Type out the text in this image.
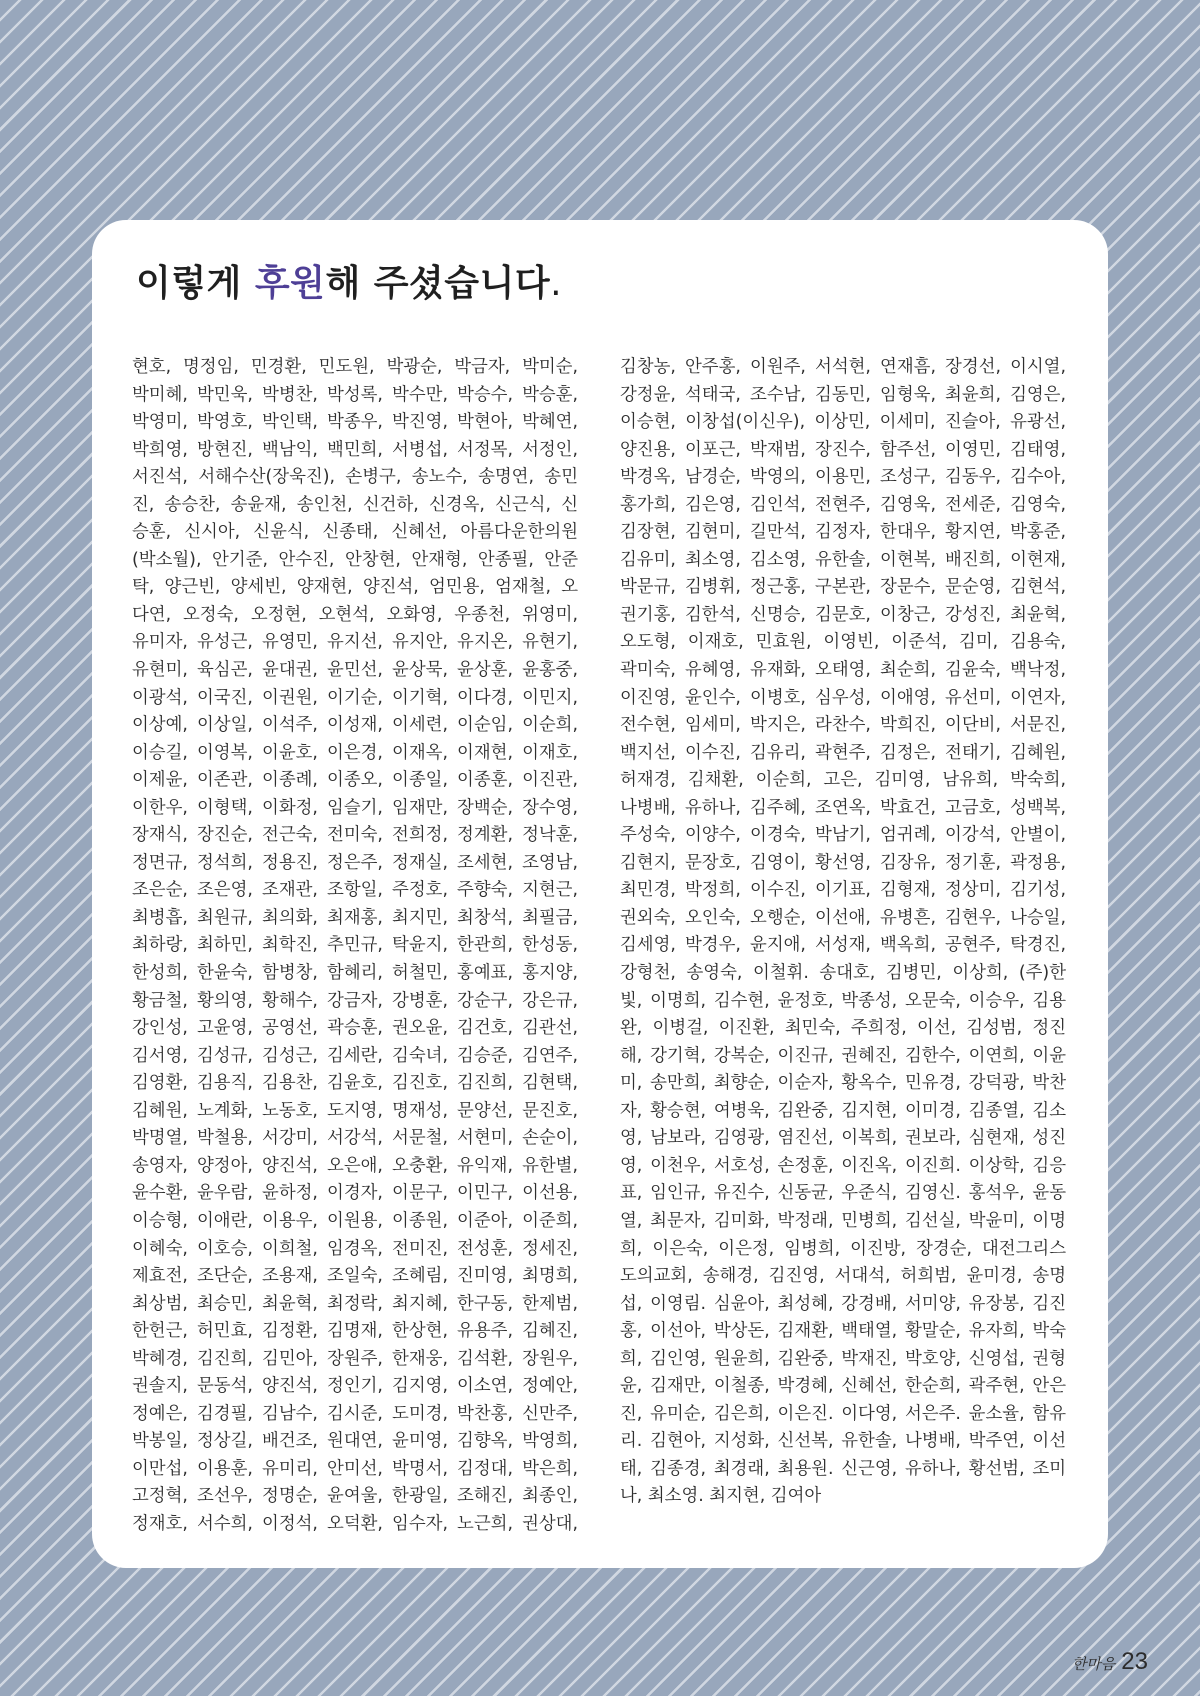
이렇게 후원해 주셨습니다.
현호, 명정임, 민경환, 민도원, 박광순, 박금자, 박미순,
박미혜, 박민욱, 박병찬, 박성록, 박수만, 박승수, 박승훈,
박영미, 박영호, 박인택, 박종우, 박진영, 박현아, 박혜연,
박희영, 방현진, 백남익, 백민희, 서병섭, 서정목, 서정인,
서진석, 서해수산(장욱진), 손병구, 송노수, 송명연, 송민
진, 송승찬, 송윤재, 송인천, 신건하, 신경옥, 신근식, 신
승훈, 신시아, 신윤식, 신종태, 신혜선, 아름다운한의원
(박소월), 안기준, 안수진, 안창현, 안재형, 안종필, 안준
탁, 양근빈, 양세빈, 양재현, 양진석, 엄민용, 엄재철, 오
다연, 오정숙, 오정현, 오현석, 오화영, 우종천, 위영미,
유미자, 유성근, 유영민, 유지선, 유지안, 유지온, 유현기,
유현미, 육심곤, 윤대권, 윤민선, 윤상묵, 윤상훈, 윤홍중,
이광석, 이국진, 이권원, 이기순, 이기혁, 이다경, 이민지,
이상예, 이상일, 이석주, 이성재, 이세련, 이순임, 이순희,
이승길, 이영복, 이윤호, 이은경, 이재옥, 이재현, 이재호,
이제윤, 이존관, 이종례, 이종오, 이종일, 이종훈, 이진관,
이한우, 이형택, 이화정, 임슬기, 임재만, 장백순, 장수영,
장재식, 장진순, 전근숙, 전미숙, 전희정, 정계환, 정낙훈,
정면규, 정석희, 정용진, 정은주, 정재실, 조세현, 조영남,
조은순, 조은영, 조재관, 조항일, 주정호, 주향숙, 지현근,
최병흡, 최원규, 최의화, 최재홍, 최지민, 최창석, 최필금,
최하랑, 최하민, 최학진, 추민규, 탁윤지, 한관희, 한성동,
한성희, 한윤숙, 함병창, 함혜리, 허철민, 홍예표, 홍지양,
황금철, 황의영, 황해수, 강금자, 강병훈, 강순구, 강은규,
강인성, 고윤영, 공영선, 곽승훈, 권오윤, 김건호, 김관선,
김서영, 김성규, 김성근, 김세란, 김숙녀, 김승준, 김연주,
김영환, 김용직, 김용찬, 김윤호, 김진호, 김진희, 김현택,
김혜원, 노계화, 노동호, 도지영, 명재성, 문양선, 문진호,
박명열, 박철용, 서강미, 서강석, 서문철, 서현미, 손순이,
송영자, 양정아, 양진석, 오은애, 오충환, 유익재, 유한별,
윤수환, 윤우람, 윤하정, 이경자, 이문구, 이민구, 이선용,
이승형, 이애란, 이용우, 이원용, 이종원, 이준아, 이준희,
이혜숙, 이호승, 이희철, 임경옥, 전미진, 전성훈, 정세진,
제효전, 조단순, 조용재, 조일숙, 조혜림, 진미영, 최명희,
최상범, 최승민, 최윤혁, 최정락, 최지혜, 한구동, 한제범,
한헌근, 허민효, 김정환, 김명재, 한상현, 유용주, 김혜진,
박혜경, 김진희, 김민아, 장원주, 한재웅, 김석환, 장원우,
권솔지, 문동석, 양진석, 정인기, 김지영, 이소연, 정예안,
정예은, 김경필, 김남수, 김시준, 도미경, 박찬홍, 신만주,
박봉일, 정상길, 배건조, 원대연, 윤미영, 김향옥, 박영희,
이만섭, 이용훈, 유미리, 안미선, 박명서, 김정대, 박은희,
고정혁, 조선우, 정명순, 윤여울, 한광일, 조해진, 최종인,
정재호, 서수희, 이정석, 오덕환, 임수자, 노근희, 권상대,
김창농, 안주홍, 이원주, 서석현, 연재흠, 장경선, 이시열,
강정윤, 석태국, 조수남, 김동민, 임형욱, 최윤희, 김영은,
이승현, 이창섭(이신우), 이상민, 이세미, 진슬아, 유광선,
양진용, 이포근, 박재범, 장진수, 함주선, 이영민, 김태영,
박경옥, 남경순, 박영의, 이용민, 조성구, 김동우, 김수아,
홍가희, 김은영, 김인석, 전현주, 김영욱, 전세준, 김영숙,
김장현, 김현미, 길만석, 김정자, 한대우, 황지연, 박홍준,
김유미, 최소영, 김소영, 유한솔, 이현복, 배진희, 이현재,
박문규, 김병휘, 정근홍, 구본관, 장문수, 문순영, 김현석,
권기홍, 김한석, 신명승, 김문호, 이창근, 강성진, 최윤혁,
오도형, 이재호, 민효원, 이영빈, 이준석, 김미, 김용숙,
곽미숙, 유혜영, 유재화, 오태영, 최순희, 김윤숙, 백낙정,
이진영, 윤인수, 이병호, 심우성, 이애영, 유선미, 이연자,
전수현, 임세미, 박지은, 라찬수, 박희진, 이단비, 서문진,
백지선, 이수진, 김유리, 곽현주, 김정은, 전태기, 김혜원,
허재경, 김채환, 이순희, 고은, 김미영, 남유희, 박숙희,
나병배, 유하나, 김주혜, 조연옥, 박효건, 고금호, 성백복,
주성숙, 이양수, 이경숙, 박남기, 엄귀례, 이강석, 안별이,
김현지, 문장호, 김영이, 황선영, 김장유, 정기훈, 곽정용,
최민경, 박정희, 이수진, 이기표, 김형재, 정상미, 김기성,
권외숙, 오인숙, 오행순, 이선애, 유병흔, 김현우, 나승일,
김세영, 박경우, 윤지애, 서성재, 백옥희, 공현주, 탁경진,
강형천, 송영숙, 이철휘. 송대호, 김병민, 이상희, (주)한
빛, 이명희, 김수현, 윤정호, 박종성, 오문숙, 이승우, 김용
완, 이병걸, 이진환, 최민숙, 주희정, 이선, 김성범, 정진
해, 강기혁, 강복순, 이진규, 권혜진, 김한수, 이연희, 이윤
미, 송만희, 최향순, 이순자, 황옥수, 민유경, 강덕광, 박찬
자, 황승현, 여병욱, 김완중, 김지현, 이미경, 김종열, 김소
영, 남보라, 김영광, 염진선, 이복희, 권보라, 심현재, 성진
영, 이천우, 서호성, 손정훈, 이진옥, 이진희. 이상학, 김응
표, 임인규, 유진수, 신동균, 우준식, 김영신. 홍석우, 윤동
열, 최문자, 김미화, 박정래, 민병희, 김선실, 박윤미, 이명
희, 이은숙, 이은정, 임병희, 이진방, 장경순, 대전그리스
도의교회, 송해경, 김진영, 서대석, 허희범, 윤미경, 송명
섭, 이영림. 심윤아, 최성혜, 강경배, 서미양, 유장봉, 김진
홍, 이선아, 박상돈, 김재환, 백태열, 황말순, 유자희, 박숙
희, 김인영, 원윤희, 김완중, 박재진, 박호양, 신영섭, 권형
윤, 김재만, 이철종, 박경혜, 신혜선, 한순희, 곽주현, 안은
진, 유미순, 김은희, 이은진. 이다영, 서은주. 윤소율, 함유
리. 김현아, 지성화, 신선복, 유한솔, 나병배, 박주연, 이선
태, 김종경, 최경래, 최용원. 신근영, 유하나, 황선범, 조미
나, 최소영. 최지현, 김여아
한마음 23
